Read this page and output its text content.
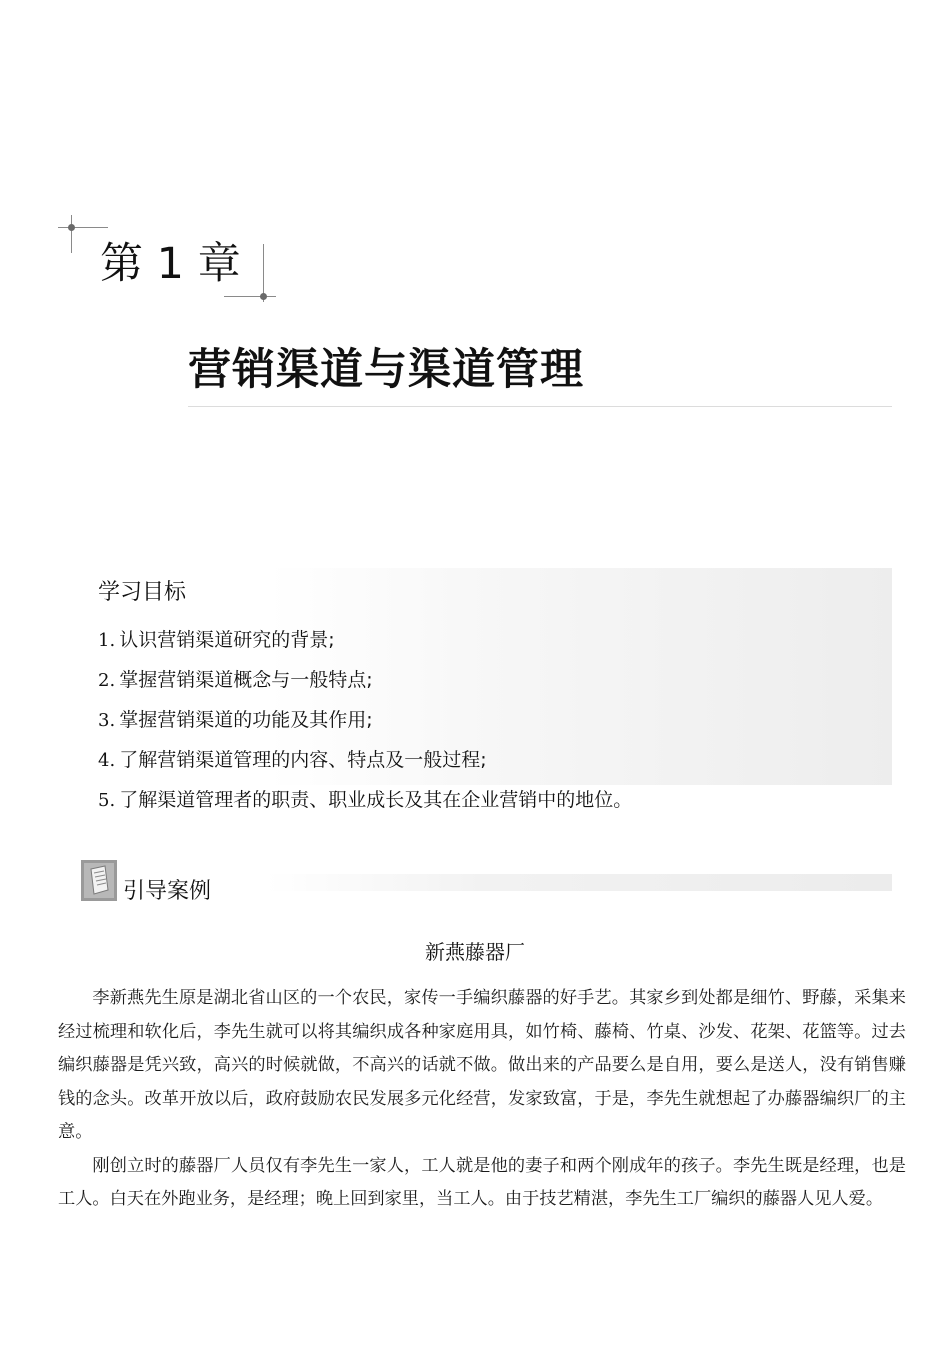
第 1 章
营销渠道与渠道管理
学习目标
1. 认识营销渠道研究的背景;
2. 掌握营销渠道概念与一般特点;
3. 掌握营销渠道的功能及其作用;
4. 了解营销渠道管理的内容、特点及一般过程;
5. 了解渠道管理者的职责、职业成长及其在企业营销中的地位。
引导案例
新燕藤器厂

李新燕先生原是湖北省山区的一个农民，家传一手编织藤器的好手艺。其家乡到处都是细竹、野藤，采集来经过梳理和软化后，李先生就可以将其编织成各种家庭用具，如竹椅、藤椅、竹桌、沙发、花架、花篮等。过去编织藤器是凭兴致，高兴的时候就做，不高兴的话就不做。做出来的产品要么是自用，要么是送人，没有销售赚钱的念头。改革开放以后，政府鼓励农民发展多元化经营，发家致富，于是，李先生就想起了办藤器编织厂的主意。

刚创立时的藤器厂人员仅有李先生一家人，工人就是他的妻子和两个刚成年的孩子。李先生既是经理，也是工人。白天在外跑业务，是经理；晚上回到家里，当工人。由于技艺精湛，李先生工厂编织的藤器人见人爱。
